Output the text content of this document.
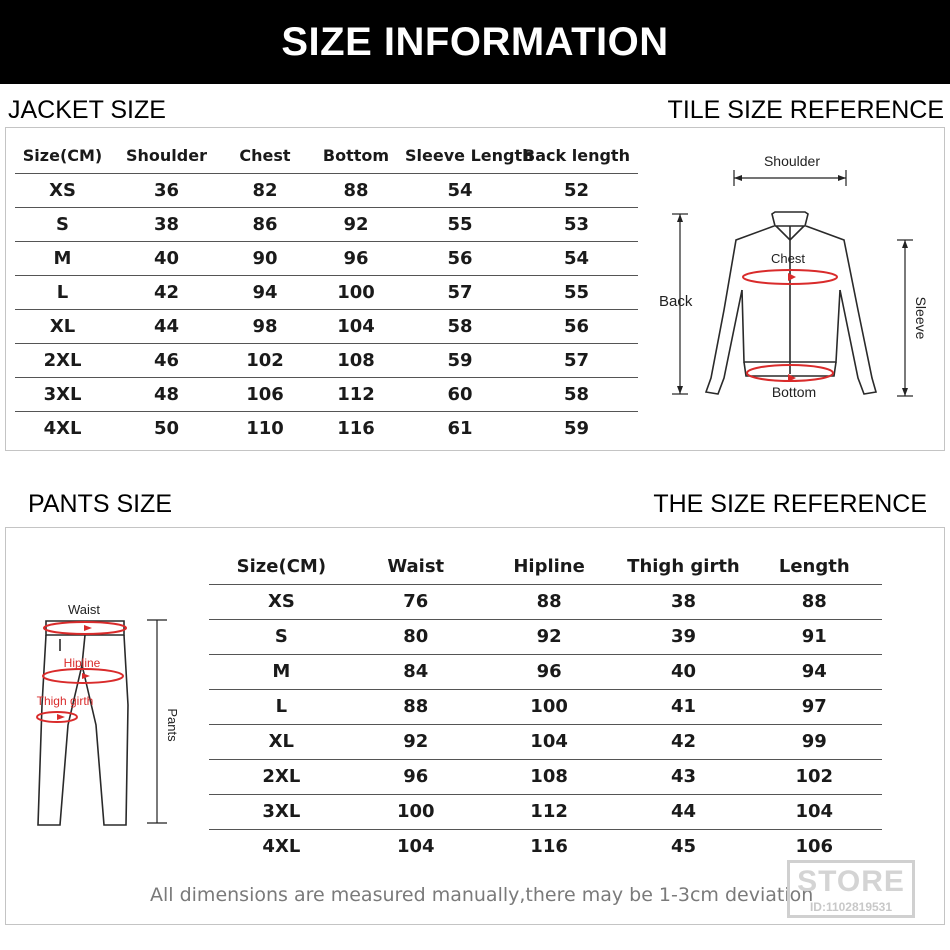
SIZE INFORMATION
JACKET SIZE	TILE SIZE REFERENCE
Size(CM)	Shoulder	Chest	Bottom	Sleeve Length	Back length
XS	36	82	88	54	52
S	38	86	92	55	53
M	40	90	96	56	54
L	42	94	100	57	55
XL	44	98	104	58	56
2XL	46	102	108	59	57
3XL	48	106	112	60	58
4XL	50	110	116	61	59
Shoulder
Chest
Back	Sleeve
Bottom
PANTS SIZE	THE SIZE REFERENCE
Size(CM)	Waist	Hipline	Thigh girth	Length
XS	76	88	38	88
S	80	92	39	91
M	84	96	40	94
L	88	100	41	97
XL	92	104	42	99
2XL	96	108	43	102
3XL	100	112	44	104
4XL	104	116	45	106
Waist
Hipline
Thigh girth
Pants
All dimensions are measured manually,there may be 1-3cm deviation
STORE
ID:1102819531
